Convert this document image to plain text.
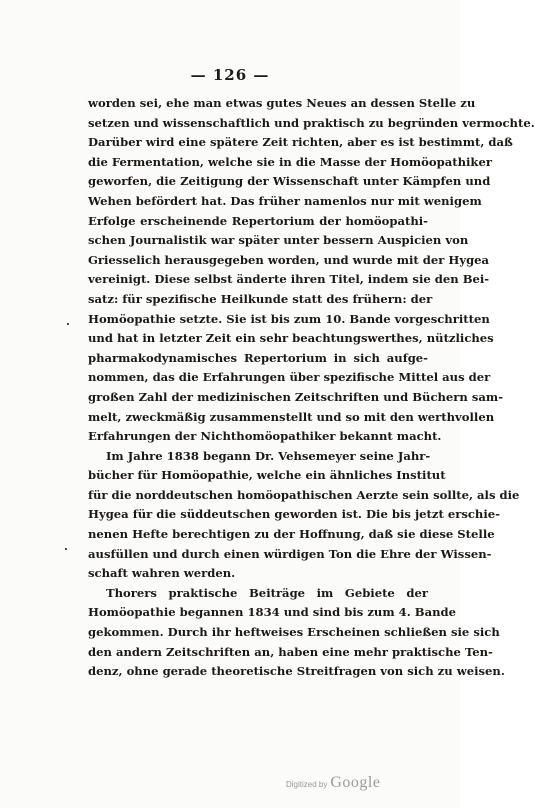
— 126 —
·
·
worden sei, ehe man etwas gutes Neues an dessen Stelle zu
setzen und wissenschaftlich und praktisch zu begründen vermochte.
Darüber wird eine spätere Zeit richten, aber es ist bestimmt, daß
die Fermentation, welche sie in die Masse der Homöopathiker
geworfen, die Zeitigung der Wissenschaft unter Kämpfen und
Wehen befördert hat. Das früher namenlos nur mit wenigem
Erfolge erscheinende Repertorium der homöopathi-
schen Journalistik war später unter bessern Auspicien von
Griesselich herausgegeben worden, und wurde mit der Hygea
vereinigt. Diese selbst änderte ihren Titel, indem sie den Bei-
satz: für spezifische Heilkunde statt des frühern: der
Homöopathie setzte. Sie ist bis zum 10. Bande vorgeschritten
und hat in letzter Zeit ein sehr beachtungswerthes, nützliches
pharmakodynamisches Repertorium in sich aufge-
nommen, das die Erfahrungen über spezifische Mittel aus der
großen Zahl der medizinischen Zeitschriften und Büchern sam-
melt, zweckmäßig zusammenstellt und so mit den werthvollen
Erfahrungen der Nichthomöopathiker bekannt macht.
Im Jahre 1838 begann Dr. Vehsemeyer seine Jahr-
bücher für Homöopathie, welche ein ähnliches Institut
für die norddeutschen homöopathischen Aerzte sein sollte, als die
Hygea für die süddeutschen geworden ist. Die bis jetzt erschie-
nenen Hefte berechtigen zu der Hoffnung, daß sie diese Stelle
ausfüllen und durch einen würdigen Ton die Ehre der Wissen-
schaft wahren werden.
Thorers praktische Beiträge im Gebiete der
Homöopathie begannen 1834 und sind bis zum 4. Bande
gekommen. Durch ihr heftweises Erscheinen schließen sie sich
den andern Zeitschriften an, haben eine mehr praktische Ten-
denz, ohne gerade theoretische Streitfragen von sich zu weisen.
Digitized by Google
